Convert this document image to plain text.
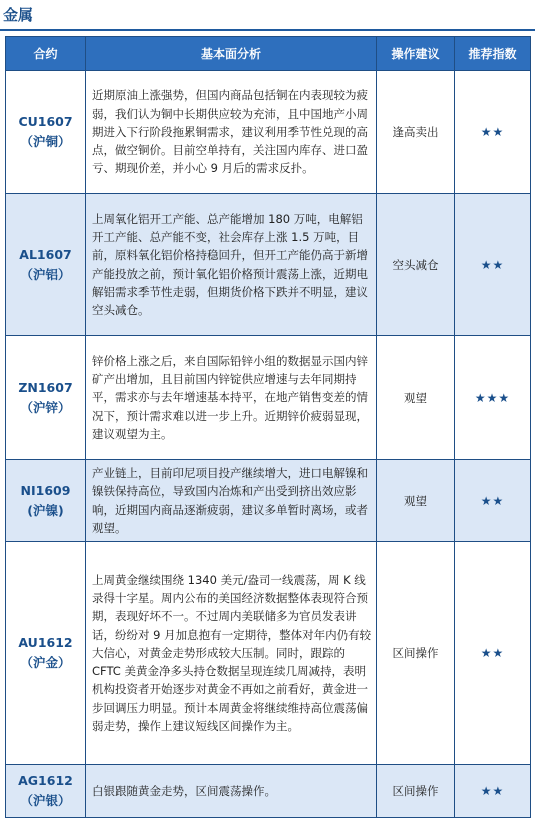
金属
合约	基本面分析	操作建议	推荐指数

CU1607
（沪铜）	近期原油上涨强势，但国内商品包括铜在内表现较为疲弱，我们认为铜中长期供应较为充沛，且中国地产小周期进入下行阶段拖累铜需求，建议利用季节性兑现的高点，做空铜价。目前空单持有，关注国内库存、进口盈亏、期现价差，并小心 9 月后的需求反扑。	逢高卖出	★★

AL1607
（沪铝）	上周氧化铝开工产能、总产能增加 180 万吨，电解铝开工产能、总产能不变，社会库存上涨 1.5 万吨，目前，原料氧化铝价格持稳回升，但开工产能仍高于新增产能投放之前，预计氧化铝价格预计震荡上涨，近期电解铝需求季节性走弱，但期货价格下跌并不明显，建议空头减仓。	空头减仓	★★

ZN1607
（沪锌）	锌价格上涨之后，来自国际铅锌小组的数据显示国内锌矿产出增加，且目前国内锌锭供应增速与去年同期持平，需求亦与去年增速基本持平，在地产销售变差的情况下，预计需求难以进一步上升。近期锌价疲弱显现，建议观望为主。	观望	★★★

NI1609
(沪镍)	产业链上，目前印尼项目投产继续增大，进口电解镍和镍铁保持高位，导致国内冶炼和产出受到挤出效应影响，近期国内商品逐渐疲弱，建议多单暂时离场，或者观望。	观望	★★

AU1612
（沪金）	上周黄金继续围绕 1340 美元/盎司一线震荡，周 K 线录得十字星。周内公布的美国经济数据整体表现符合预期，表现好坏不一。不过周内美联储多为官员发表讲话，纷纷对 9 月加息抱有一定期待，整体对年内仍有较大信心，对黄金走势形成较大压制。同时，跟踪的 CFTC 美黄金净多头持仓数据呈现连续几周减持，表明机构投资者开始逐步对黄金不再如之前看好，黄金进一步回调压力明显。预计本周黄金将继续维持高位震荡偏弱走势，操作上建议短线区间操作为主。	区间操作	★★

AG1612
（沪银）	白银跟随黄金走势，区间震荡操作。	区间操作	★★
